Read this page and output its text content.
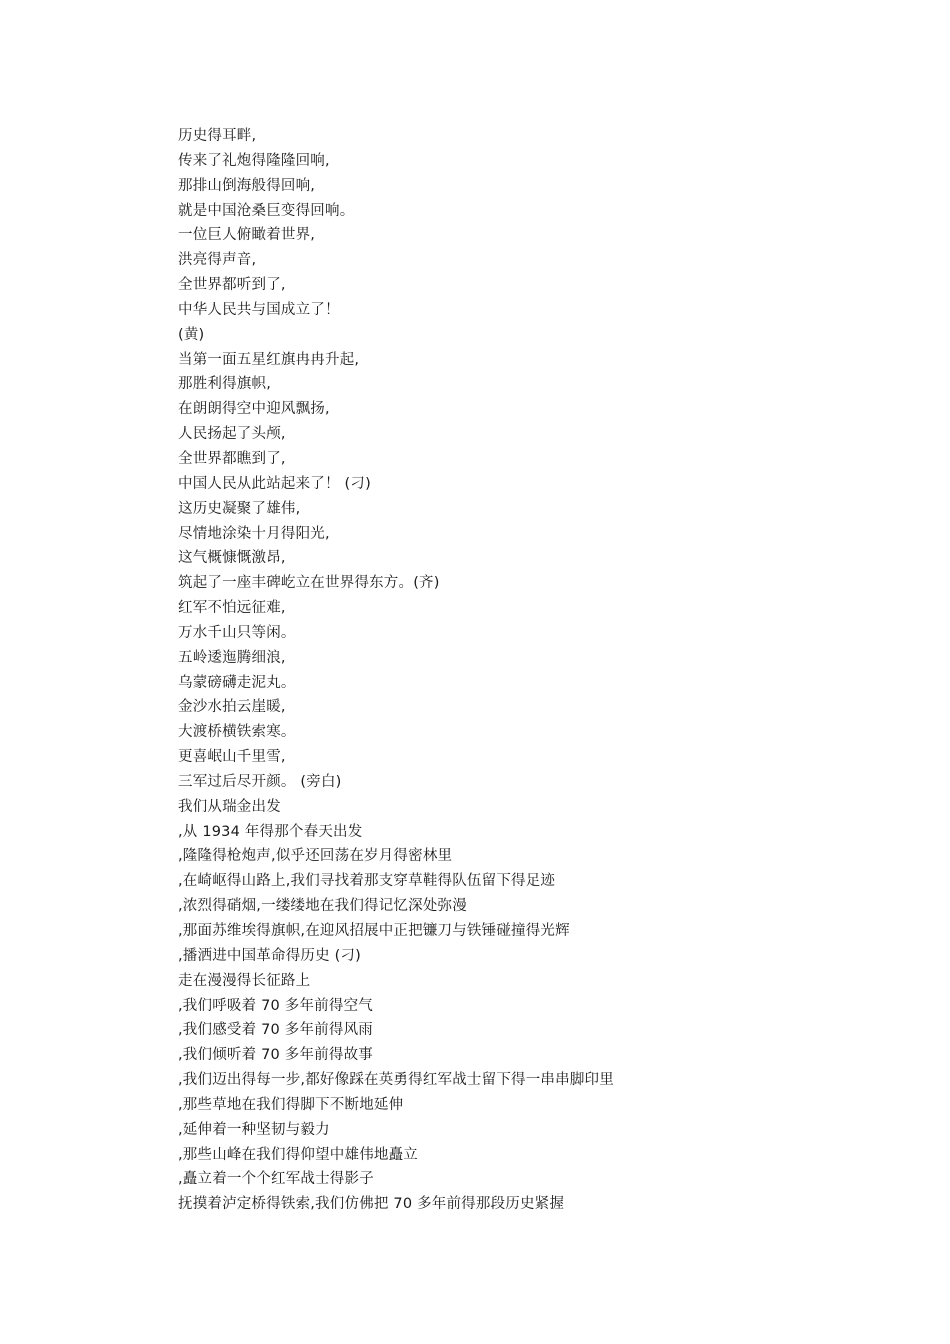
历史得耳畔,
传来了礼炮得隆隆回响,
那排山倒海般得回响,
就是中国沧桑巨变得回响。
一位巨人俯瞰着世界,
洪亮得声音,
全世界都听到了,
中华人民共与国成立了！
(黄)
当第一面五星红旗冉冉升起,
那胜利得旗帜,
在朗朗得空中迎风飘扬,
人民扬起了头颅,
全世界都瞧到了,
中国人民从此站起来了！ (刁)
这历史凝聚了雄伟,
尽情地涂染十月得阳光,
这气概慷慨激昂,
筑起了一座丰碑屹立在世界得东方。(齐)
红军不怕远征难,
万水千山只等闲。
五岭逶迤腾细浪,
乌蒙磅礴走泥丸。
金沙水拍云崖暖,
大渡桥横铁索寒。
更喜岷山千里雪,
三军过后尽开颜。 (旁白)
我们从瑞金出发
,从 1934 年得那个春天出发
,隆隆得枪炮声,似乎还回荡在岁月得密林里
,在崎岖得山路上,我们寻找着那支穿草鞋得队伍留下得足迹
,浓烈得硝烟,一缕缕地在我们得记忆深处弥漫
,那面苏维埃得旗帜,在迎风招展中正把镰刀与铁锤碰撞得光辉
,播洒进中国革命得历史 (刁)
走在漫漫得长征路上
,我们呼吸着 70 多年前得空气
,我们感受着 70 多年前得风雨
,我们倾听着 70 多年前得故事
,我们迈出得每一步,都好像踩在英勇得红军战士留下得一串串脚印里
,那些草地在我们得脚下不断地延伸
,延伸着一种坚韧与毅力
,那些山峰在我们得仰望中雄伟地矗立
,矗立着一个个红军战士得影子
抚摸着泸定桥得铁索,我们仿佛把 70 多年前得那段历史紧握
